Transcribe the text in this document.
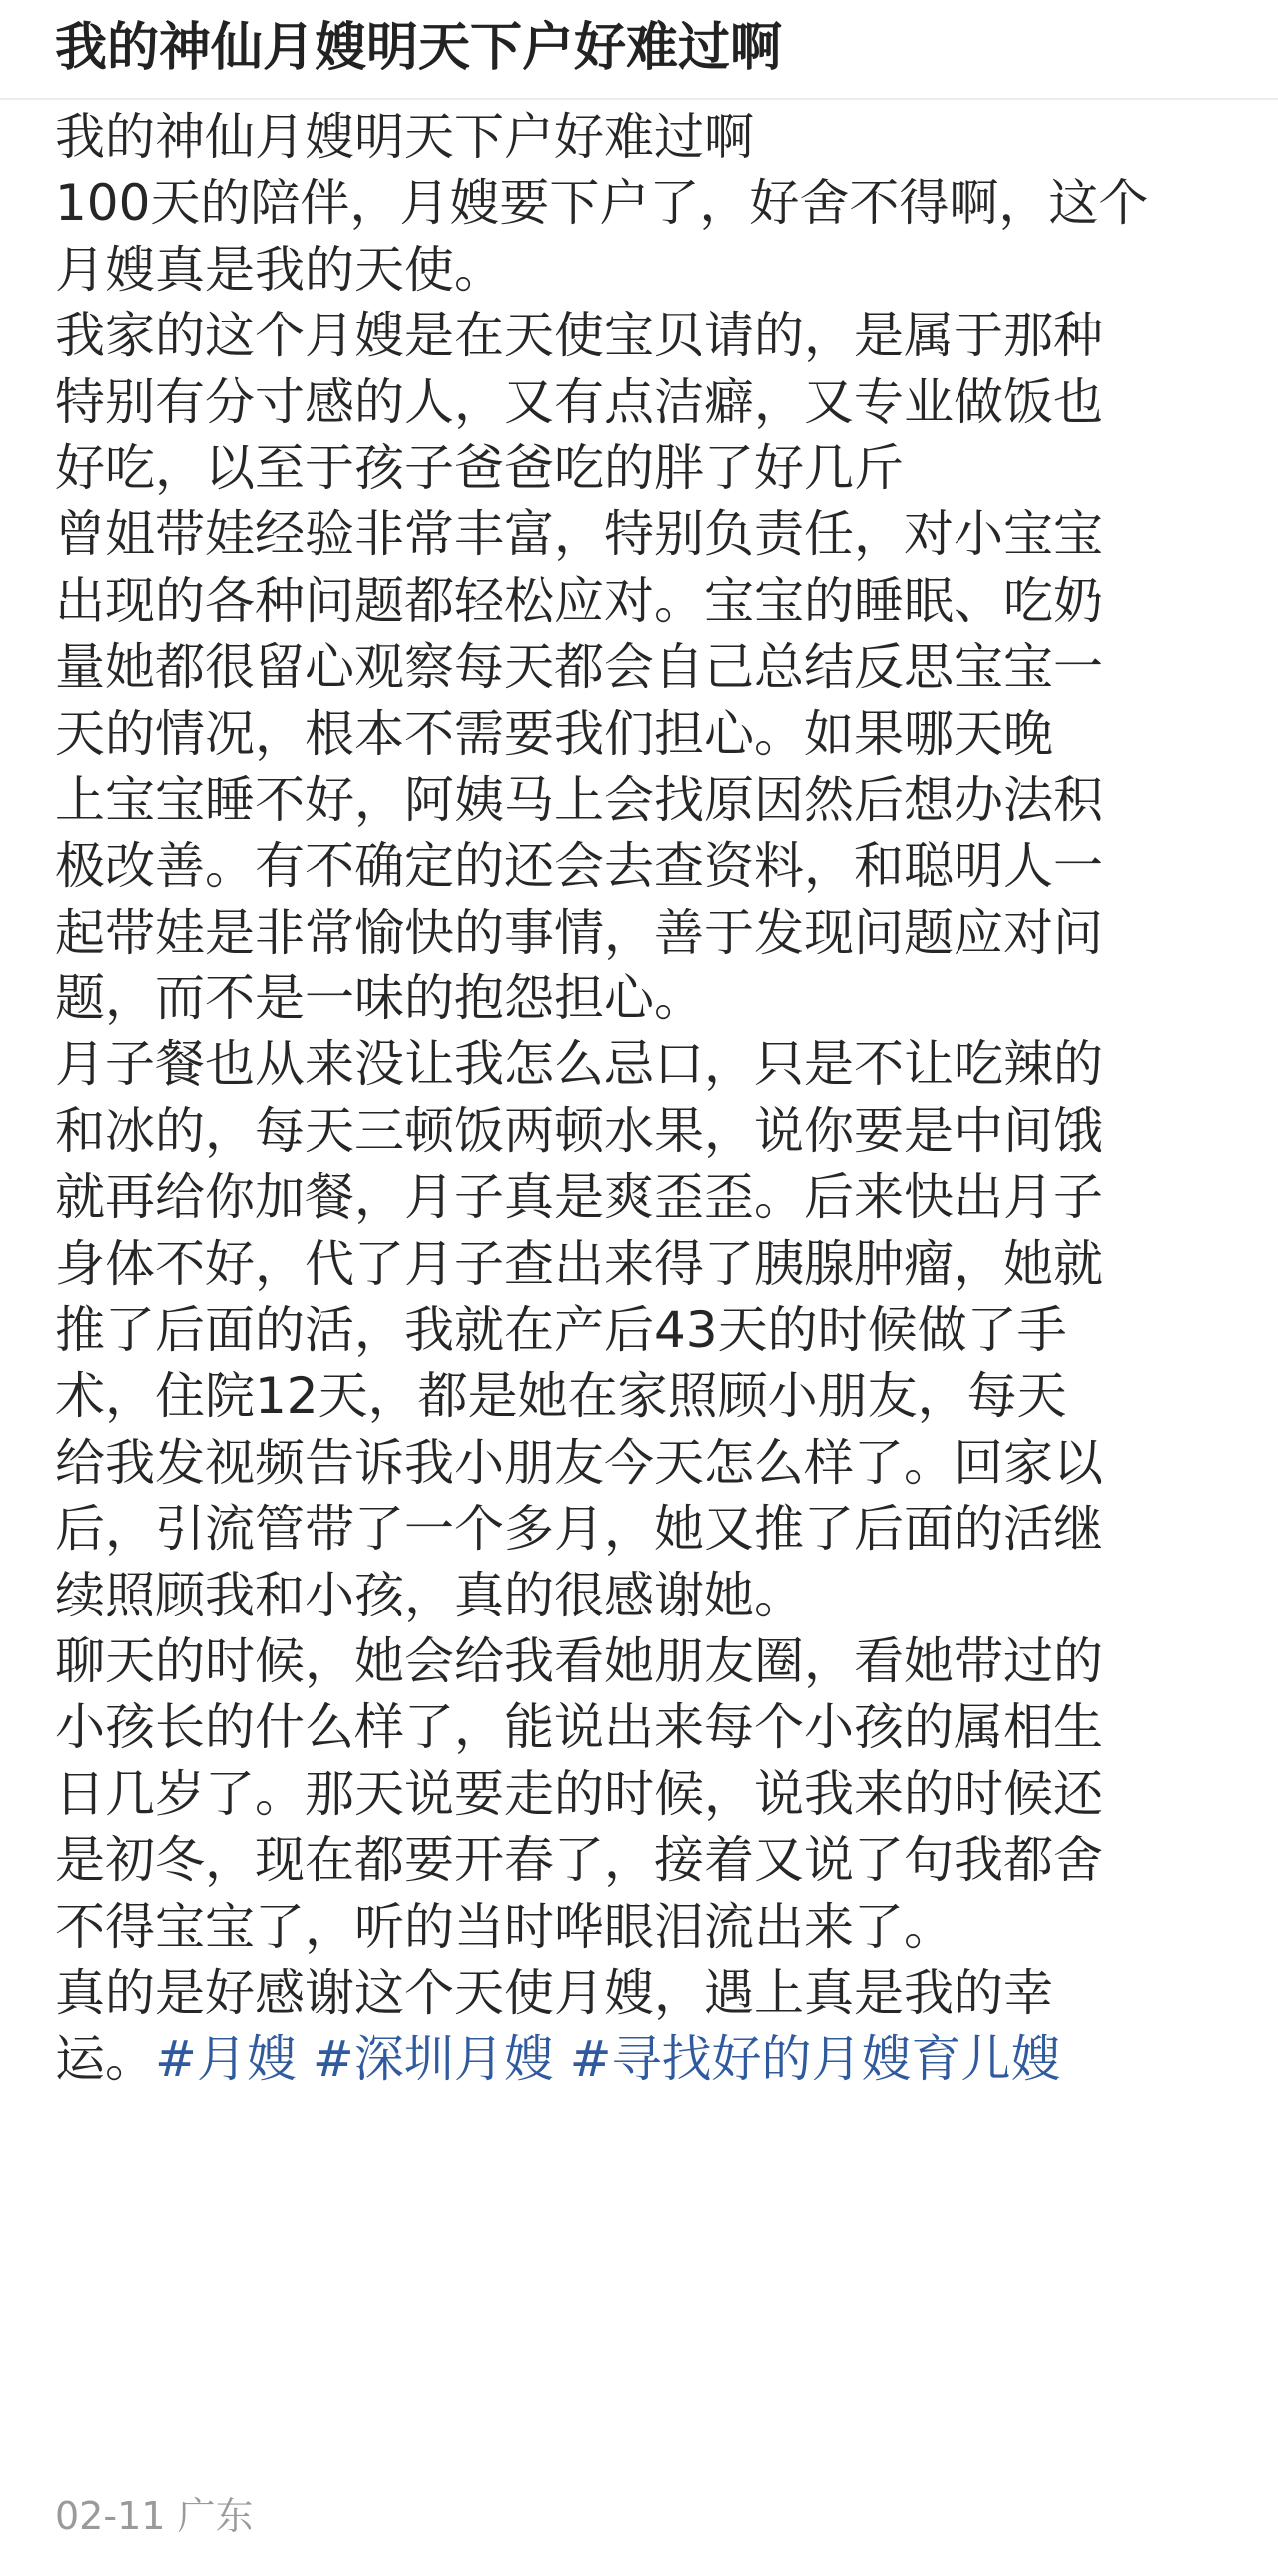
我的神仙月嫂明天下户好难过啊
我的神仙月嫂明天下户好难过啊
100天的陪伴，月嫂要下户了，好舍不得啊，这个
月嫂真是我的天使。
我家的这个月嫂是在天使宝贝请的，是属于那种
特别有分寸感的人，又有点洁癖，又专业做饭也
好吃，以至于孩子爸爸吃的胖了好几斤
曾姐带娃经验非常丰富，特别负责任，对小宝宝
出现的各种问题都轻松应对。宝宝的睡眠、吃奶
量她都很留心观察每天都会自己总结反思宝宝一
天的情况，根本不需要我们担心。如果哪天晚
上宝宝睡不好，阿姨马上会找原因然后想办法积
极改善。有不确定的还会去查资料，和聪明人一
起带娃是非常愉快的事情，善于发现问题应对问
题，而不是一味的抱怨担心。
月子餐也从来没让我怎么忌口，只是不让吃辣的
和冰的，每天三顿饭两顿水果，说你要是中间饿
就再给你加餐，月子真是爽歪歪。后来快出月子
身体不好，代了月子查出来得了胰腺肿瘤，她就
推了后面的活，我就在产后43天的时候做了手
术，住院12天，都是她在家照顾小朋友，每天
给我发视频告诉我小朋友今天怎么样了。回家以
后，引流管带了一个多月，她又推了后面的活继
续照顾我和小孩，真的很感谢她。
聊天的时候，她会给我看她朋友圈，看她带过的
小孩长的什么样了，能说出来每个小孩的属相生
日几岁了。那天说要走的时候，说我来的时候还
是初冬，现在都要开春了，接着又说了句我都舍
不得宝宝了，听的当时哗眼泪流出来了。
真的是好感谢这个天使月嫂，遇上真是我的幸
运。#月嫂 #深圳月嫂 #寻找好的月嫂育儿嫂
02-11 广东
